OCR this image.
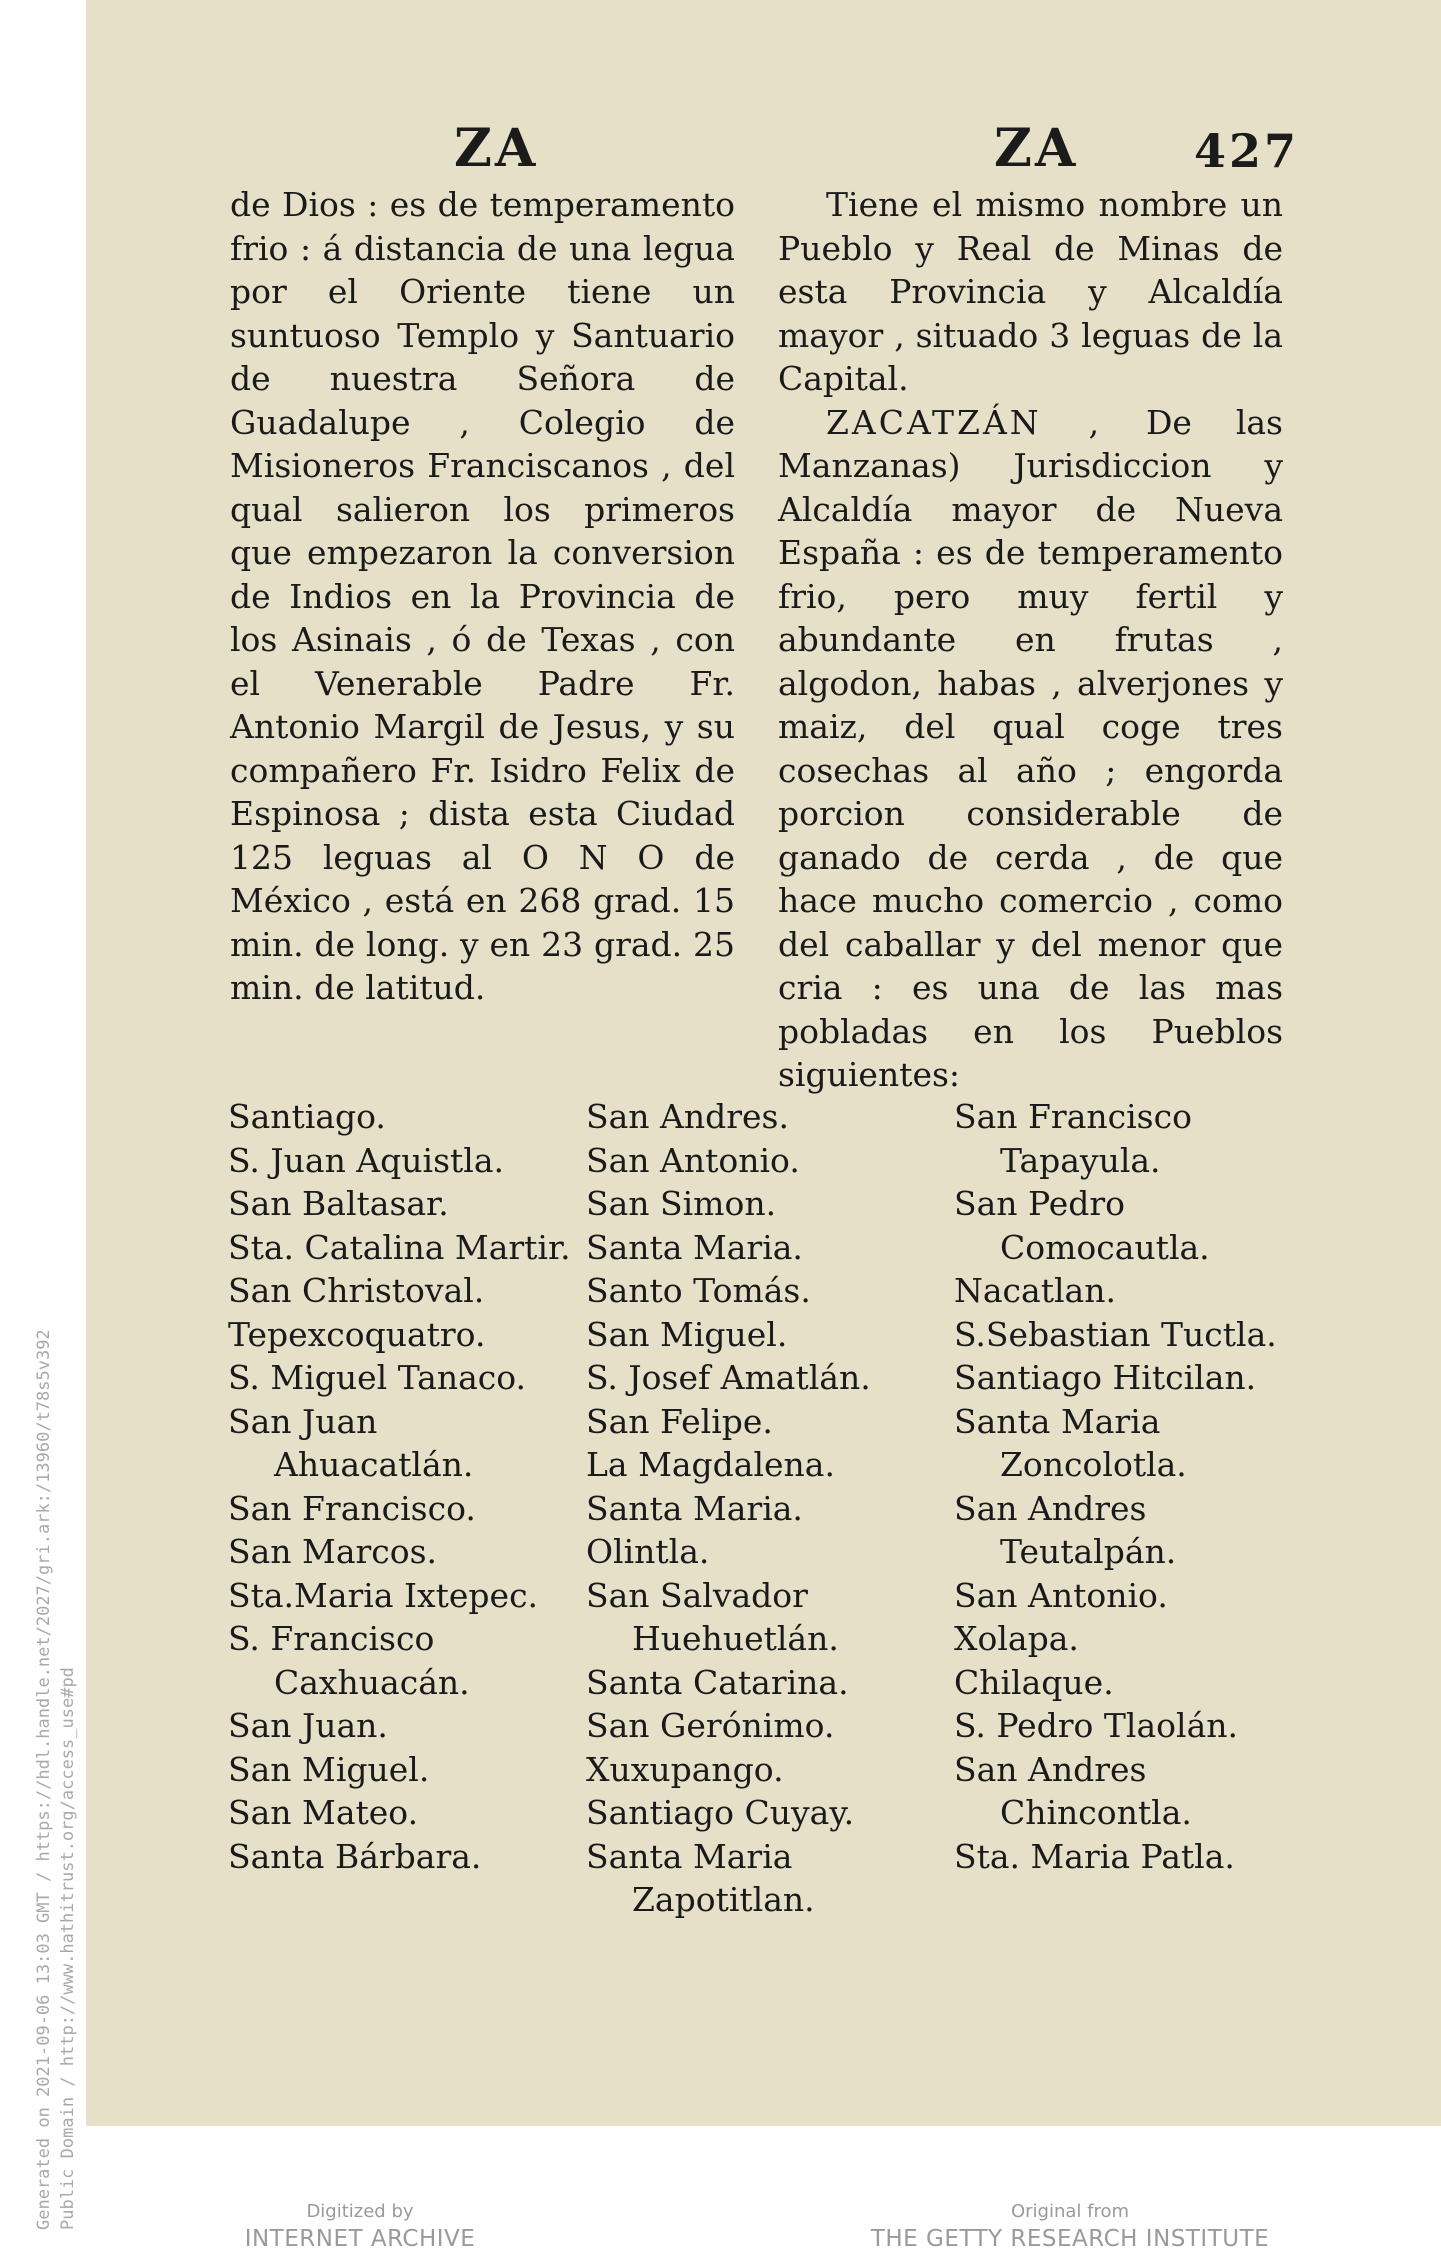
Generated on 2021-09-06 13:03 GMT / https://hdl.handle.net/2027/gri.ark:/13960/t78s5v392 Public Domain / http://www.hathitrust.org/access_use#pd
ZA	ZA	427

de Dios : es de temperamento frio : á distancia de una legua por el Oriente tiene un suntuoso Templo y Santuario de nuestra Señora de Guadalupe , Colegio de Misioneros Franciscanos , del qual salieron los primeros que empezaron la conversion de Indios en la Provincia de los Asinais , ó de Texas , con el Venerable Padre Fr. Antonio Margil de Jesus, y su compañero Fr. Isidro Felix de Espinosa ; dista esta Ciudad 125 leguas al O N O de México , está en 268 grad. 15 min. de long. y en 23 grad. 25 min. de latitud.

Tiene el mismo nombre un Pueblo y Real de Minas de esta Provincia y Alcaldía mayor , situado 3 leguas de la Capital.

ZACATZÁN , De las Manzanas) Jurisdiccion y Alcaldía mayor de Nueva España : es de temperamento frio, pero muy fertil y abundante en frutas , algodon, habas , alverjones y maiz, del qual coge tres cosechas al año ; engorda porcion considerable de ganado de cerda , de que hace mucho comercio , como del caballar y del menor que cria : es una de las mas pobladas en los Pueblos siguientes:

Santiago.
S. Juan Aquistla.
San Baltasar.
Sta. Catalina Martir.
San Christoval.
Tepexcoquatro.
S. Miguel Tanaco.
San Juan Ahuacatlán.
San Francisco.
San Marcos.
Sta.Maria Ixtepec.
S. Francisco Caxhuacán.
San Juan.
San Miguel.
San Mateo.
Santa Bárbara.
San Andres.
San Antonio.
San Simon.
Santa Maria.
Santo Tomás.
San Miguel.
S. Josef Amatlán.
San Felipe.
La Magdalena.
Santa Maria.
Olintla.
San Salvador Huehuetlán.
Santa Catarina.
San Gerónimo.
Xuxupango.
Santiago Cuyay.
Santa Maria Zapotitlan.
San Francisco Tapayula.
San Pedro Comocautla.
Nacatlan.
S.Sebastian Tuctla.
Santiago Hitcilan.
Santa Maria Zoncolotla.
San Andres Teutalpán.
San Antonio.
Xolapa.
Chilaque.
S. Pedro Tlaolán.
San Andres Chincontla.
Sta. Maria Patla.
Digitized by
INTERNET ARCHIVE
Original from
THE GETTY RESEARCH INSTITUTE
